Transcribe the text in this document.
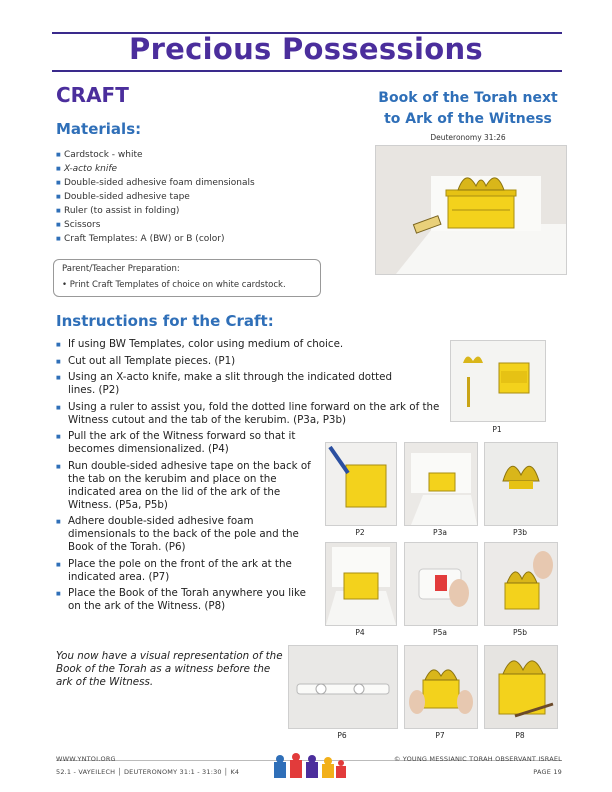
Precious Possessions
CRAFT
Materials:
■ Cardstock - white
■ X-acto knife
■ Double-sided adhesive foam dimensionals
■ Double-sided adhesive tape
■ Ruler (to assist in folding)
■ Scissors
■ Craft Templates: A (BW) or B (color)
Parent/Teacher Preparation:
• Print Craft Templates of choice on white cardstock.
Book of the Torah next
to Ark of the Witness
Deuteronomy 31:26
Instructions for the Craft:
■ If using BW Templates, color using medium of choice.
■ Cut out all Template pieces. (P1)
■ Using an X-acto knife, make a slit through the indicated dotted lines. (P2)
■ Using a ruler to assist you, fold the dotted line forward on the ark of the Witness cutout and the tab of the kerubim. (P3a, P3b)
■ Pull the ark of the Witness forward so that it becomes dimensionalized. (P4)
■ Run double-sided adhesive tape on the back of the tab on the kerubim and place on the indicated area on the lid of the ark of the Witness. (P5a, P5b)
■ Adhere double-sided adhesive foam dimensionals to the back of the pole and the Book of the Torah. (P6)
■ Place the pole on the front of the ark at the indicated area. (P7)
■ Place the Book of the Torah anywhere you like on the ark of the Witness. (P8)
You now have a visual representation of the Book of the Torah as a witness before the ark of the Witness.
P1
P2	P3a	P3b
P4	P5a	P5b
P6	P7	P8
WWW.YNTOI.ORG
52.1 - VAYEILECH │ DEUTERONOMY 31:1 - 31:30 │ K4
© YOUNG MESSIANIC TORAH OBSERVANT ISRAEL
PAGE 19
